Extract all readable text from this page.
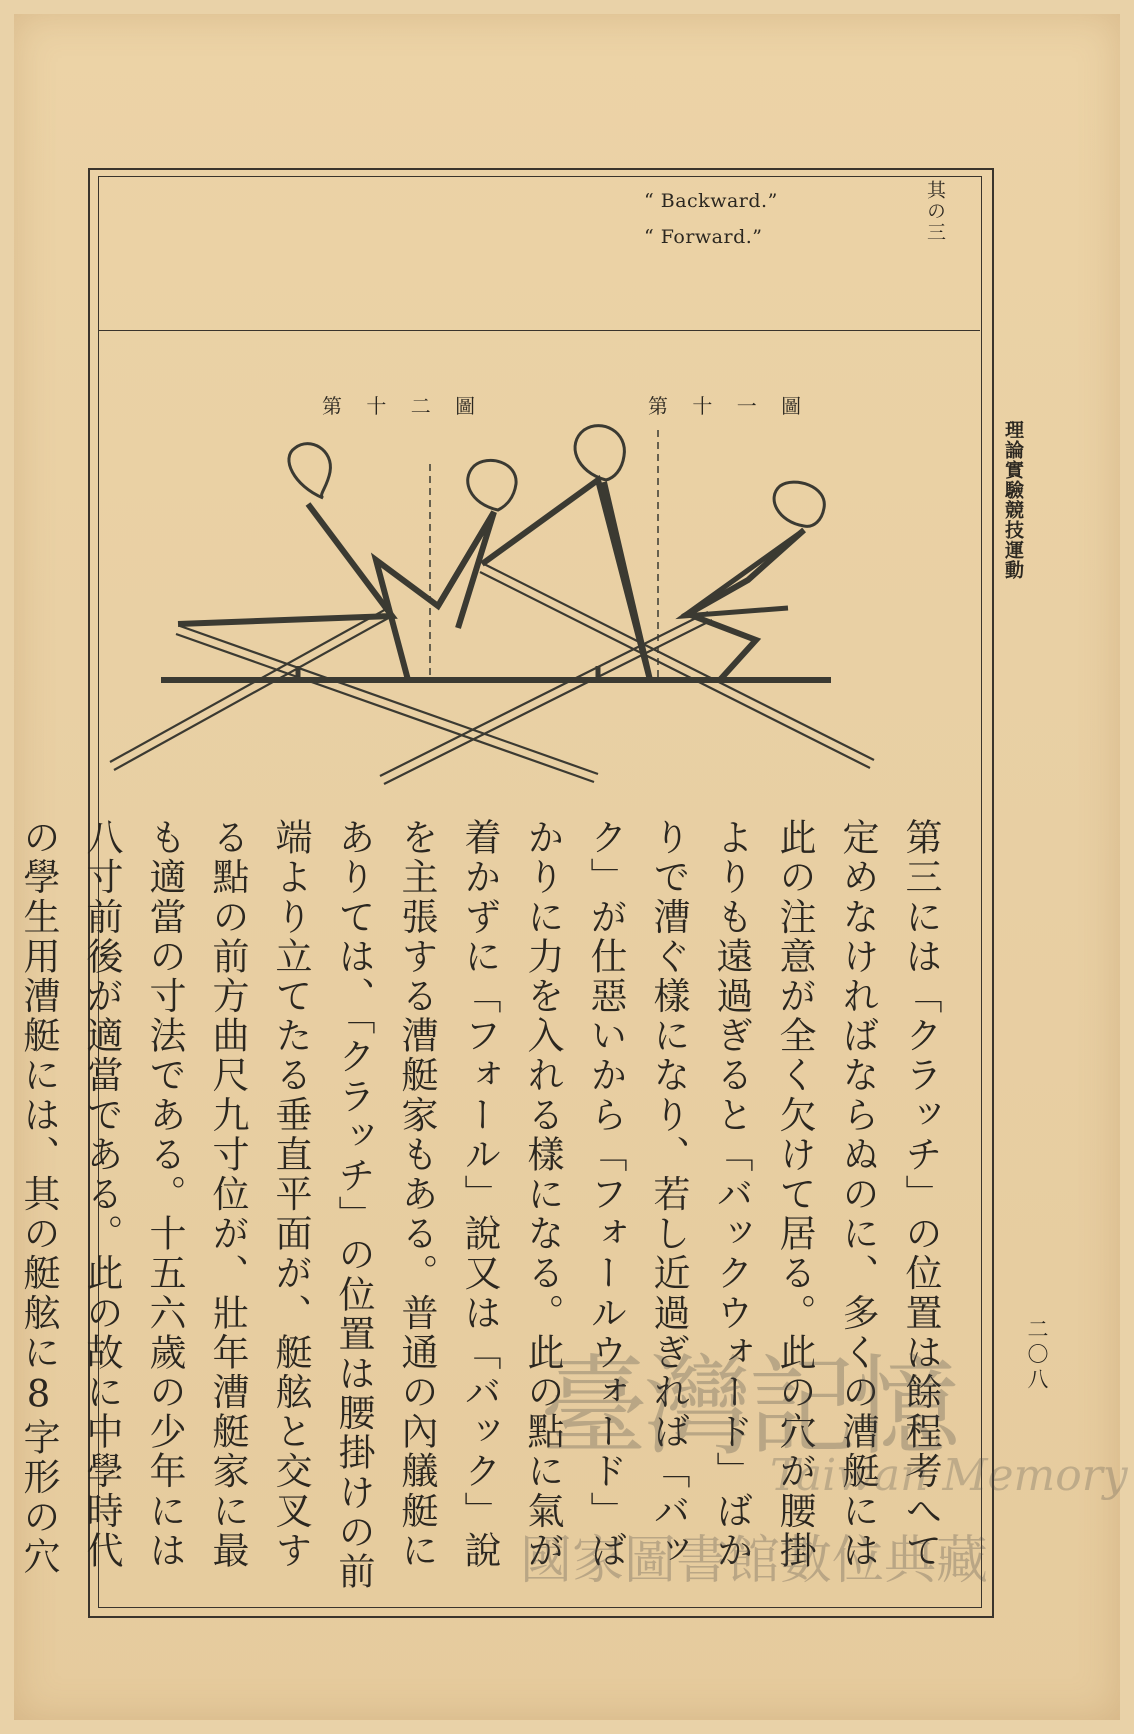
“ Backward.”
“ Forward.”	其の三
理論實驗競技運動
二〇八
第 十 二 圖	第 十 一 圖

第三には「クラッチ」の位置は餘程考へて定めなければならぬのに、多くの漕艇には此の注意が全く欠けて居る。此の穴が腰掛よりも遠過ぎると「バックウォード」ばかりで漕ぐ樣になり、若し近過ぎれば「バック」が仕惡いから「フォールウォード」ばかりに力を入れる樣になる。此の點に氣が着かずに「フォール」說又は「バック」說を主張する漕艇家もある。普通の內艤艇にありては、「クラッチ」の位置は腰掛けの前端より立てたる垂直平面が、艇舷と交叉する點の前方曲尺九寸位が、壯年漕艇家に最も適當の寸法である。十五六歲の少年には八寸前後が適當である。此の故に中學時代の學生用漕艇には、其の艇舷に8字形の穴

臺灣記憶
Taiwan Memory
國家圖書館數位典藏
